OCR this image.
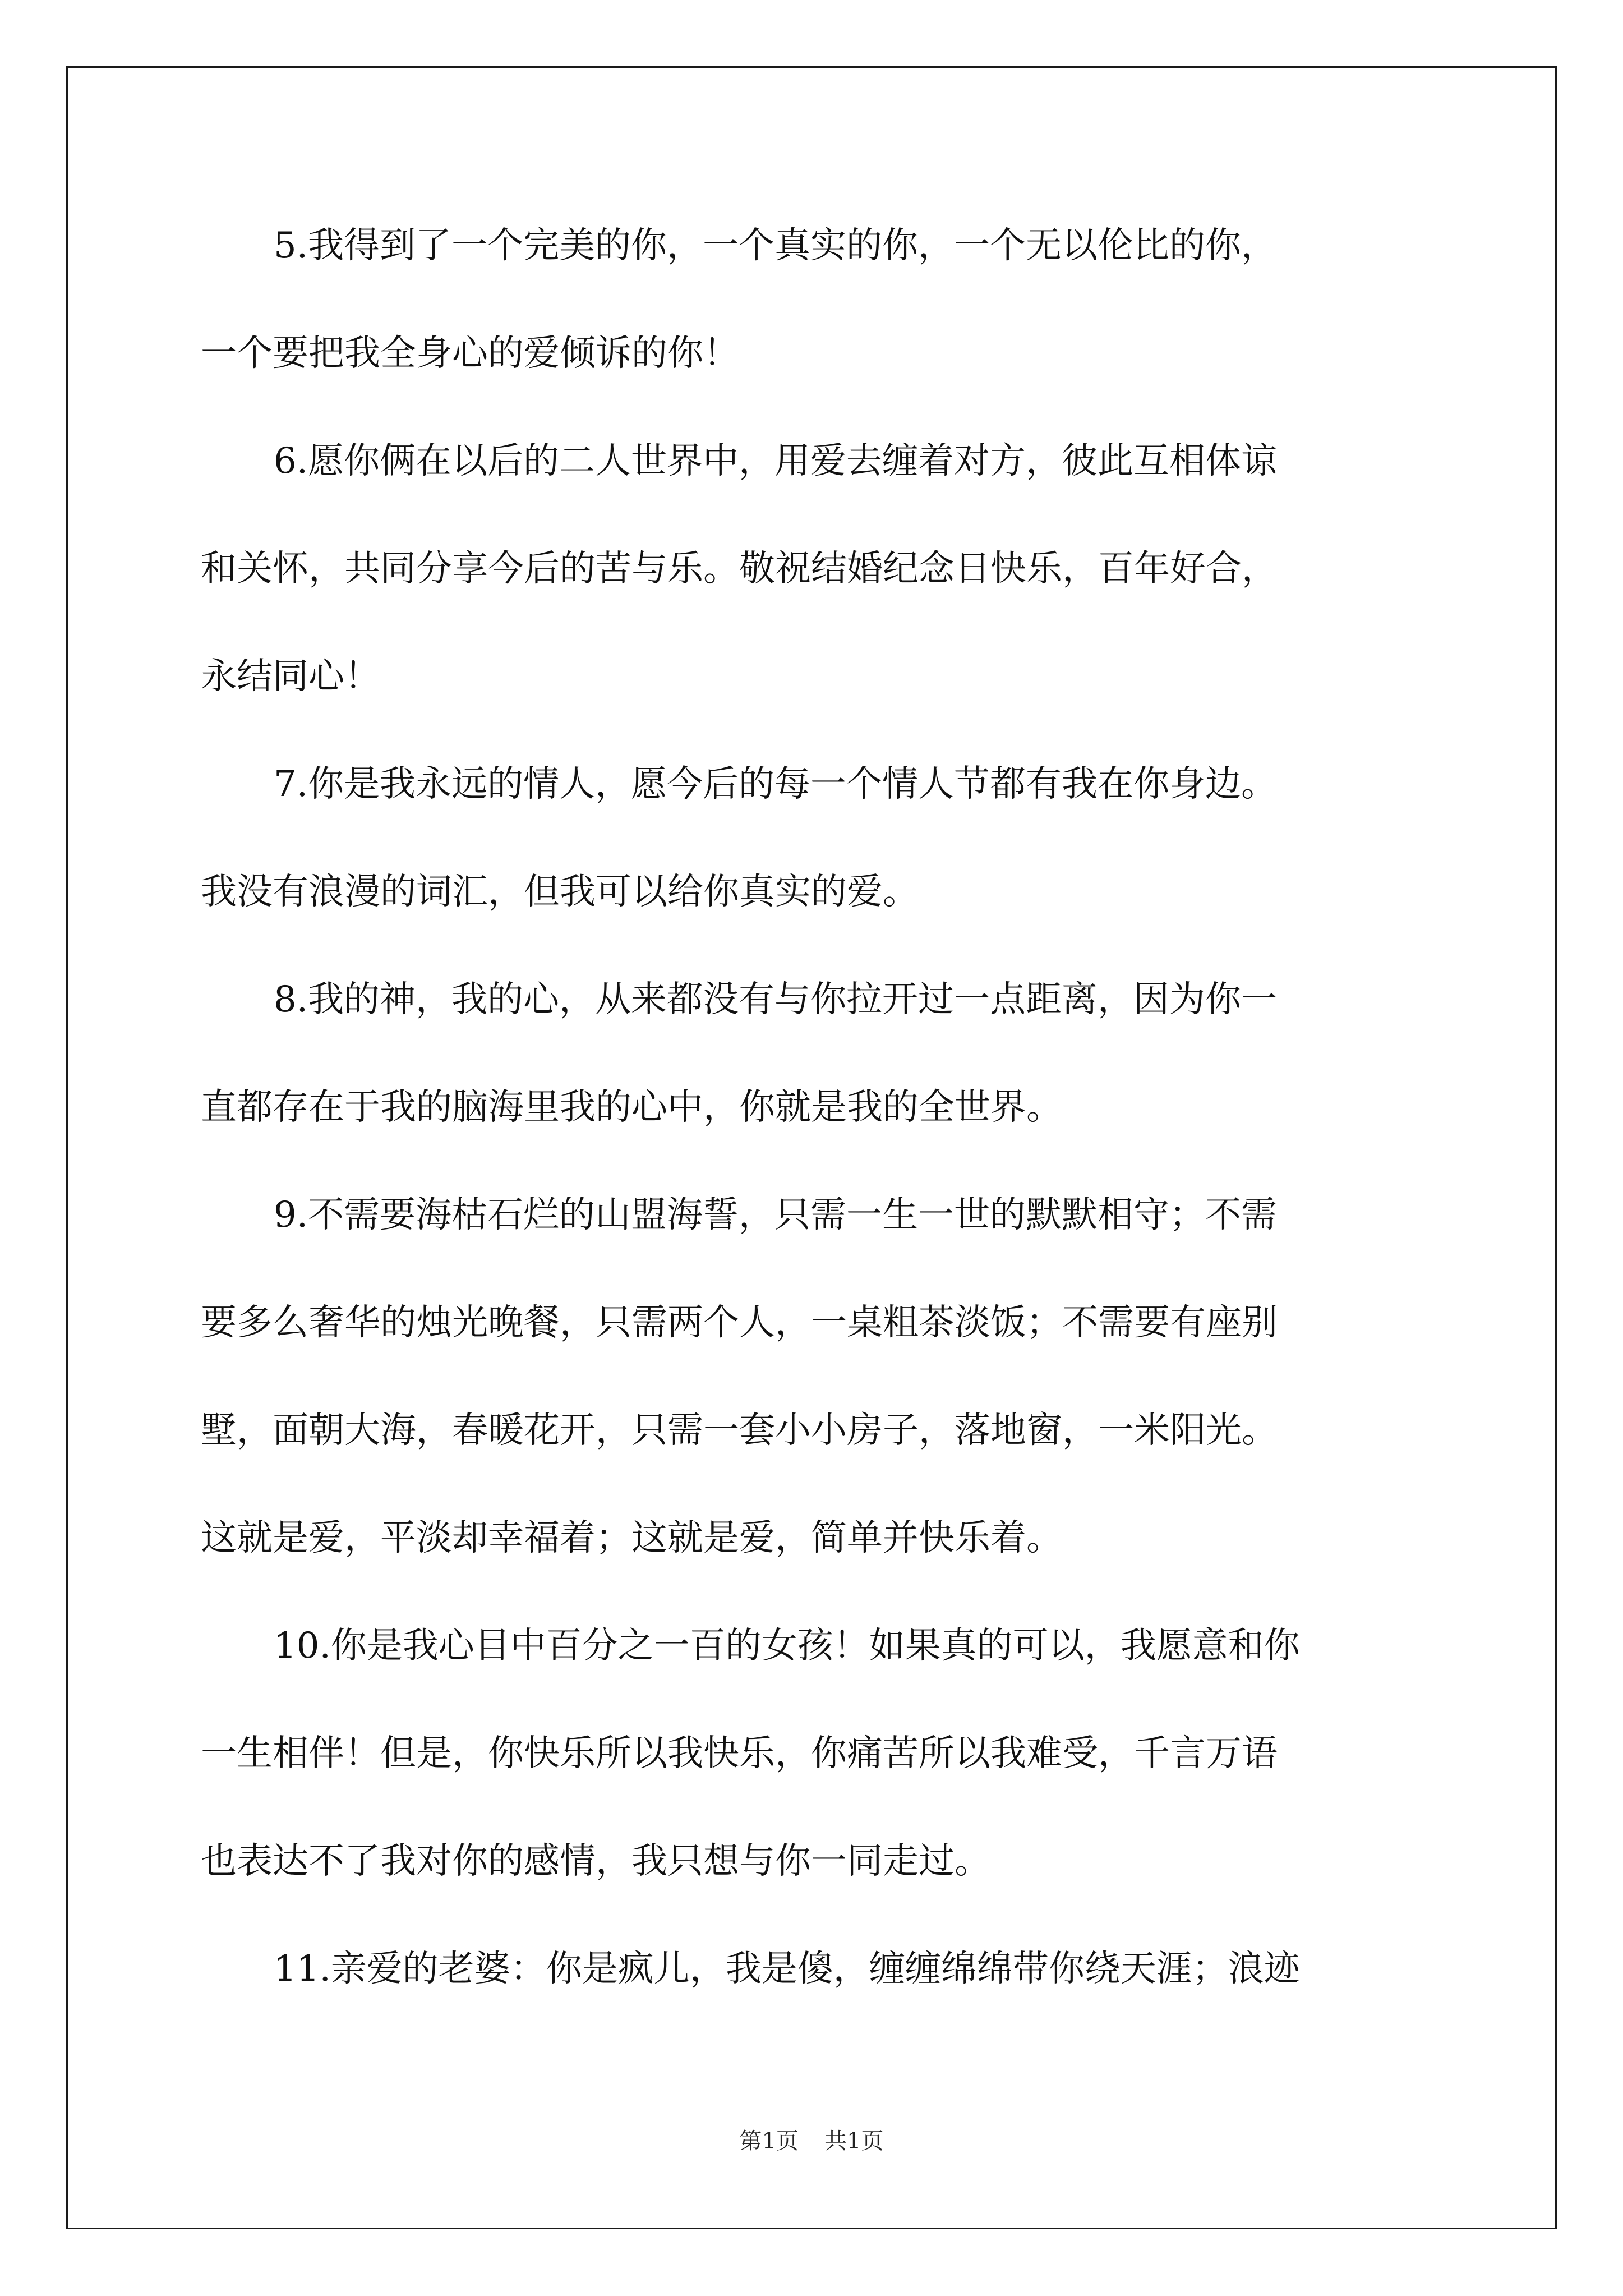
5.我得到了一个完美的你，一个真实的你，一个无以伦比的你，
一个要把我全身心的爱倾诉的你！
6.愿你俩在以后的二人世界中，用爱去缠着对方，彼此互相体谅
和关怀，共同分享今后的苦与乐。敬祝结婚纪念日快乐，百年好合，
永结同心！
7.你是我永远的情人，愿今后的每一个情人节都有我在你身边。
我没有浪漫的词汇，但我可以给你真实的爱。
8.我的神，我的心，从来都没有与你拉开过一点距离，因为你一
直都存在于我的脑海里我的心中，你就是我的全世界。
9.不需要海枯石烂的山盟海誓，只需一生一世的默默相守；不需
要多么奢华的烛光晚餐，只需两个人，一桌粗茶淡饭；不需要有座别
墅，面朝大海，春暖花开，只需一套小小房子，落地窗，一米阳光。
这就是爱，平淡却幸福着；这就是爱，简单并快乐着。
10.你是我心目中百分之一百的女孩！如果真的可以，我愿意和你
一生相伴！但是，你快乐所以我快乐，你痛苦所以我难受，千言万语
也表达不了我对你的感情，我只想与你一同走过。
11.亲爱的老婆：你是疯儿，我是傻，缠缠绵绵带你绕天涯；浪迹
第1页 共1页
